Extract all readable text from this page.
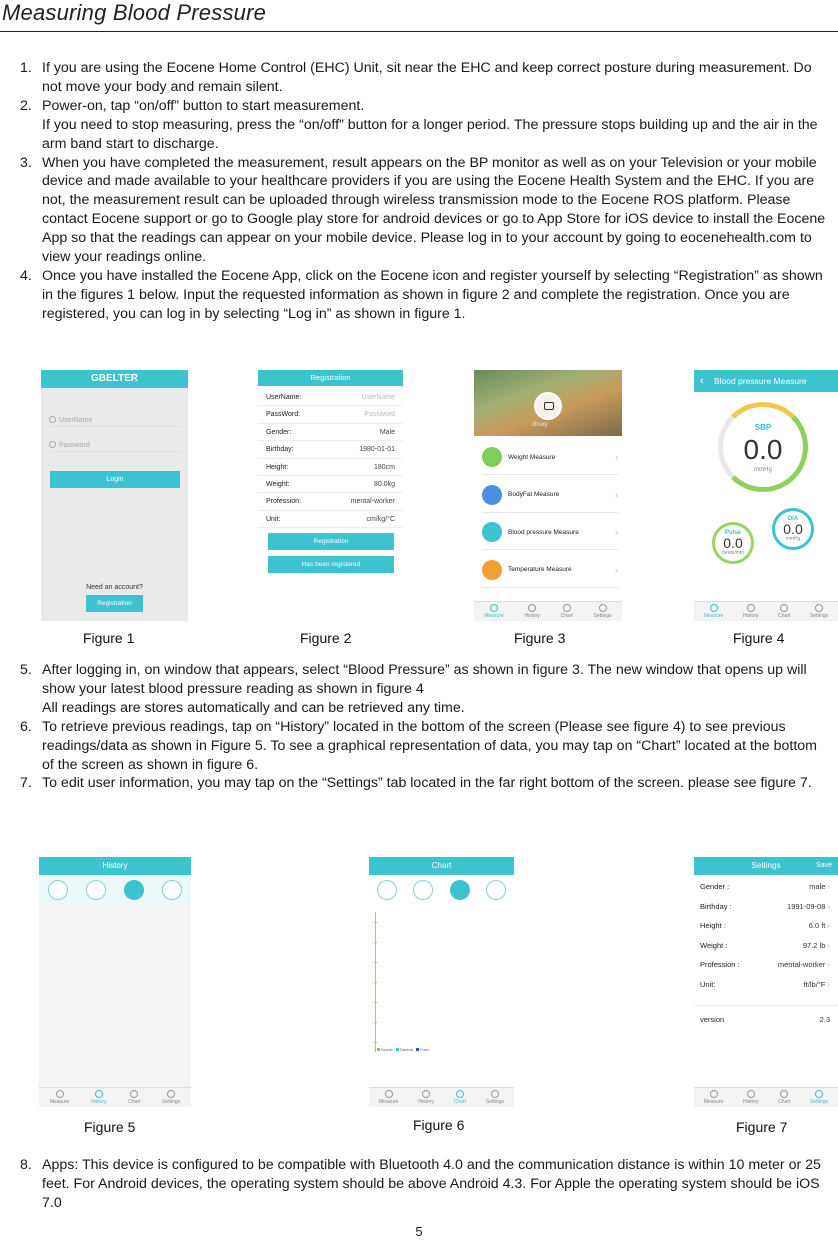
Measuring Blood Pressure
1. If you are using the Eocene Home Control (EHC) Unit, sit near the EHC and keep correct posture during measurement. Do not move your body and remain silent.

2. Power-on, tap “on/off” button to start measurement.

If you need to stop measuring, press the “on/off” button for a longer period. The pressure stops building up and the air in the arm band start to discharge.

3. When you have completed the measurement, result appears on the BP monitor as well as on your Television or your mobile device and made available to your healthcare providers if you are using the Eocene Health System and the EHC. If you are not, the measurement result can be uploaded through wireless transmission mode to the Eocene ROS platform. Please contact Eocene support or go to Google play store for android devices or go to App Store for iOS device to install the Eocene App so that the readings can appear on your mobile device. Please log in to your account by going to eocenehealth.com to view your readings online.

4. Once you have installed the Eocene App, click on the Eocene icon and register yourself by selecting “Registration” as shown in the figures 1 below. Input the requested information as shown in figure 2 and complete the registration. Once you are registered, you can log in by selecting “Log in” as shown in figure 1.

GBELTER
UserName
Password
Login
Need an account?
Registration
Figure 1
Registration
UserName:	UserName
PassWord:	Password
Gender:	Male
Birthday:	1980-01-01
Height:	180cm
Weight:	80.0kg
Profession:	mental-worker
Unit:	cm/kg/°C
Registration
Has been registered
Figure 2
zhuxy
Weight Measure	›
BodyFat Measure	›
Blood pressure Measure	›
Temperature Measure	›
Measure	History	Chart	Settings
Figure 3
‹ Blood pressure Measure
SBP
0.0
mmHg
Pulse
0.0
beats/min
DIA
0.0
mmHg
Measure	History	Chart	Settings
Figure 4
5. After logging in, on window that appears, select “Blood Pressure” as shown in figure 3. The new window that opens up will show your latest blood pressure reading as shown in figure 4

All readings are stores automatically and can be retrieved any time.

6. To retrieve previous readings, tap on “History” located in the bottom of the screen (Please see figure 4) to see previous readings/data as shown in Figure 5. To see a graphical representation of data, you may tap on “Chart” located at the bottom of the screen as shown in figure 6.

7. To edit user information, you may tap on the “Settings” tab located in the far right bottom of the screen. please see figure 7.

History
Measure	History	Chart	Settings
Figure 5
Chart
Systolic	Diastolic	Pulse
Measure	History	Chart	Settings
Figure 6
Settings	Save
Gender :	male ›
Birthday :	1991-09-08 ›
Height :	6.0 ft ›
Weight :	97.2 lb ›
Profession :	mental-worker ›
Unit:	ft/lb/°F ›
version	2.3
Measure	History	Chart	Settings
Figure 7
8. Apps: This device is configured to be compatible with Bluetooth 4.0 and the communication distance is within 10 meter or 25 feet. For Android devices, the operating system should be above Android 4.3. For Apple the operating system should be iOS 7.0

5
